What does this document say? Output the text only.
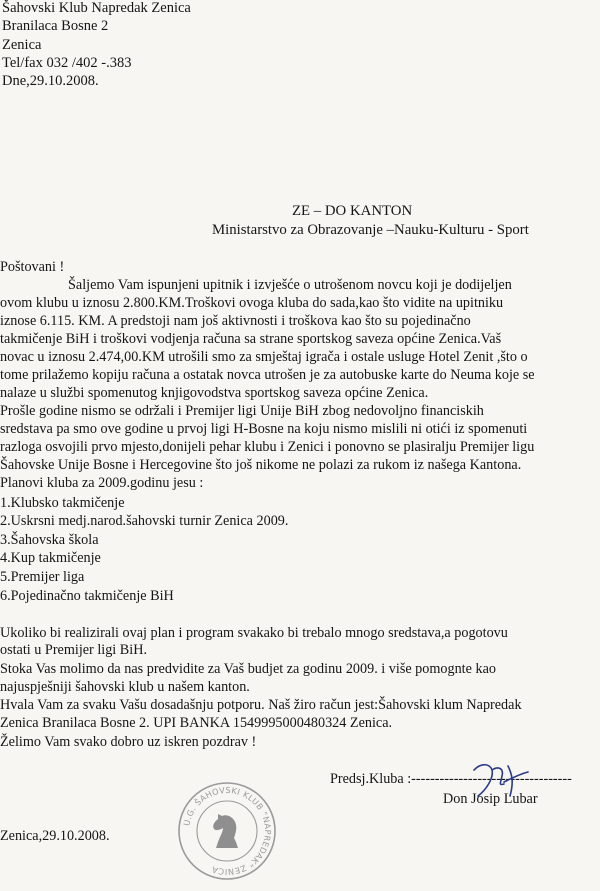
Šahovski Klub Napredak Zenica
Branilaca Bosne 2
Zenica
Tel/fax 032 /402 -.383
Dne,29.10.2008.
ZE – DO KANTON
Ministarstvo za Obrazovanje –Nauku-Kulturu - Sport
Poštovani !
Šaljemo Vam ispunjeni upitnik i izvješće o utrošenom novcu koji je dodijeljen
ovom klubu u iznosu 2.800.KM.Troškovi ovoga kluba do sada,kao što vidite na upitniku
iznose 6.115. KM. A predstoji nam još aktivnosti i troškova kao što su pojedinačno
takmičenje BiH i troškovi vodjenja računa sa strane sportskog saveza općine Zenica.Vaš
novac u iznosu 2.474,00.KM utrošili smo za smještaj igrača i ostale usluge Hotel Zenit ,što o
tome prilažemo kopiju računa a ostatak novca utrošen je za autobuske karte do Neuma koje se
nalaze u službi spomenutog knjigovodstva sportskog saveza općine Zenica.
Prošle godine nismo se održali i Premijer ligi Unije BiH zbog nedovoljno financiskih
sredstava pa smo ove godine u prvoj ligi H-Bosne na koju nismo mislili ni otići iz spomenuti
razloga osvojili prvo mjesto,donijeli pehar klubu i Zenici i ponovno se plasiralju Premijer ligu
Šahovske Unije Bosne i Hercegovine što još nikome ne polazi za rukom iz našega Kantona.
Planovi kluba za 2009.godinu jesu :
1.Klubsko takmičenje
2.Uskrsni medj.narod.šahovski turnir Zenica 2009.
3.Šahovska škola
4.Kup takmičenje
5.Premijer liga
6.Pojedinačno takmičenje BiH
Ukoliko bi realizirali ovaj plan i program svakako bi trebalo mnogo sredstava,a pogotovu
ostati u Premijer ligi BiH.
Stoka Vas molimo da nas predvidite za Vaš budjet za godinu 2009. i više pomognte kao
najuspješniji šahovski klub u našem kanton.
Hvala Vam za svaku Vašu dosadašnju potporu. Naš žiro račun jest:Šahovski klum Napredak
Zenica Branilaca Bosne 2. UPI BANKA 1549995000480324 Zenica.
Želimo Vam svako dobro uz iskren pozdrav !
Predsj.Kluba :----------------------------------
Don Josip Lubar
U.G. ŠAHOVSKI KLUB "NAPREDAK" ZENICA
Zenica,29.10.2008.
